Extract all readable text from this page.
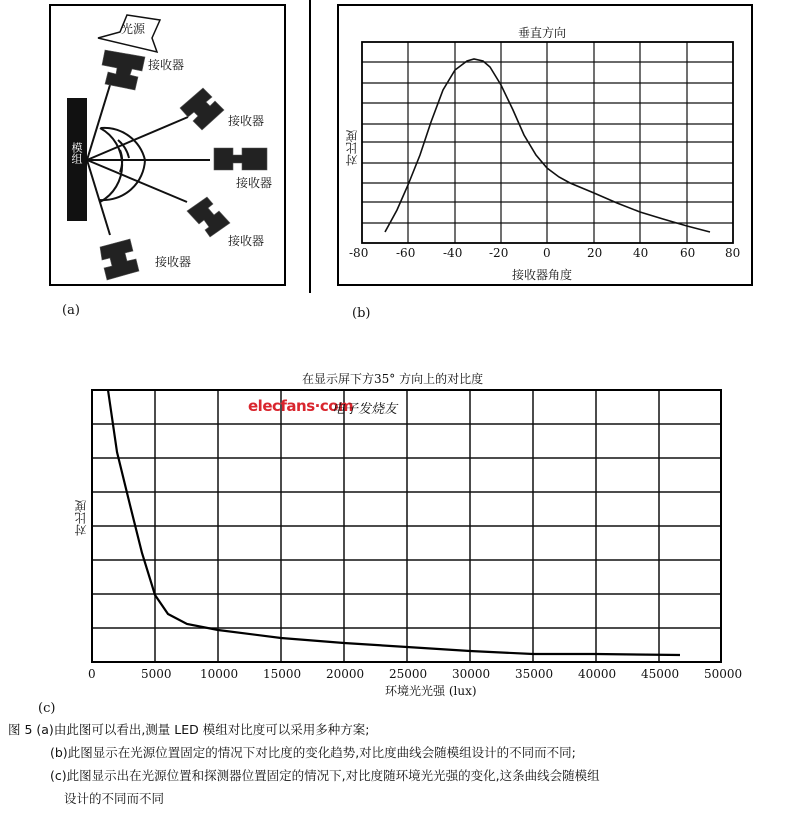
光源
模组
接收器
接收器
接收器
接收器
接收器
(a)
垂直方向
对比度
-80 -60 -40 -20	0	20	40	60 80
接收器角度
(b)
在显示屏下方35° 方向上的对比度
elecfans·com
电子发烧友
对比度
0	5000 10000 15000 20000 25000 30000 35000 40000 45000 50000
环境光光强 (lux)
(c)
图 5 (a)由此图可以看出,测量 LED 模组对比度可以采用多种方案;
(b)此图显示在光源位置固定的情况下对比度的变化趋势,对比度曲线会随模组设计的不同而不同;
(c)此图显示出在光源位置和探测器位置固定的情况下,对比度随环境光光强的变化,这条曲线会随模组
设计的不同而不同
